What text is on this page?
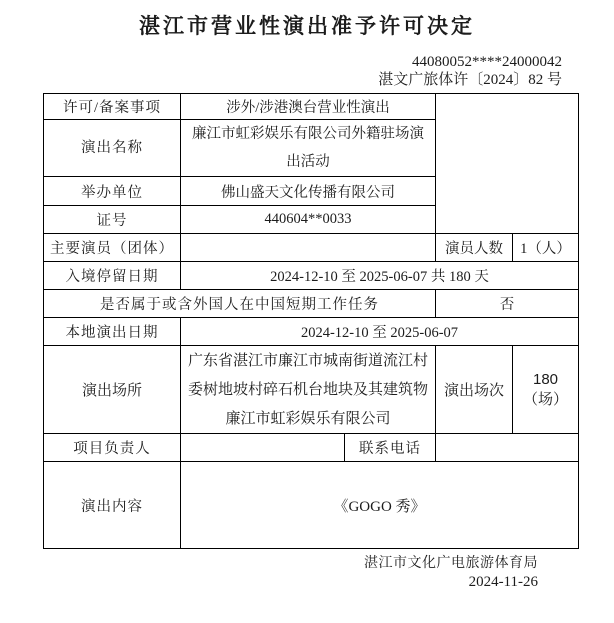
湛江市营业性演出准予许可决定
44080052****24000042
湛文广旅体许〔2024〕82 号
许可/备案事项	涉外/涉港澳台营业性演出			
演出名称	廉江市虹彩娱乐有限公司外籍驻场演出活动			
举办单位	佛山盛天文化传播有限公司			
证号	440604**0033			
主要演员（团体）			演员人数	1（人）
入境停留日期	2024-12-10 至 2025-06-07 共 180 天			
是否属于或含外国人在中国短期工作任务			否	
本地演出日期	2024-12-10 至 2025-06-07			
演出场所	广东省湛江市廉江市城南街道流江村委树地坡村碎石机台地块及其建筑物廉江市虹彩娱乐有限公司		演出场次	180（场）
项目负责人		联系电话		
演出内容	《GOGO 秀》			
湛江市文化广电旅游体育局
2024-11-26
